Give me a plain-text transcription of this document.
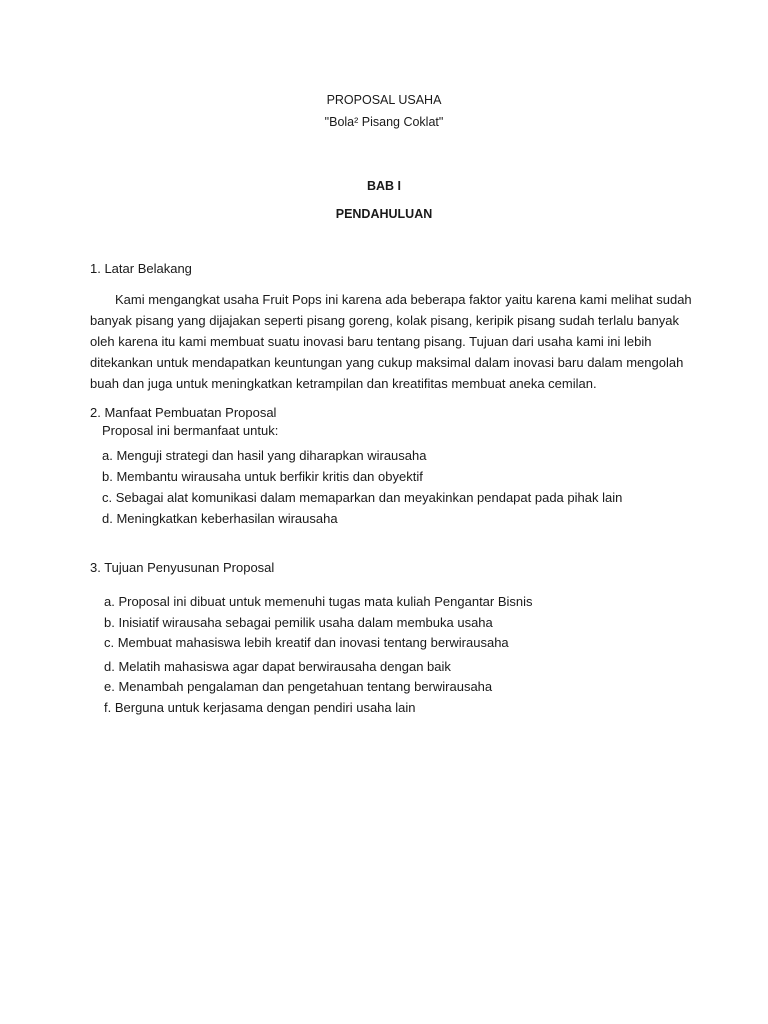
PROPOSAL USAHA
"Bola² Pisang Coklat"
BAB I
PENDAHULUAN
1. Latar Belakang
Kami mengangkat usaha Fruit Pops ini karena ada beberapa faktor yaitu karena kami melihat sudah
banyak pisang yang dijajakan seperti pisang goreng, kolak pisang, keripik pisang sudah terlalu banyak
oleh karena itu kami membuat suatu inovasi baru tentang pisang. Tujuan dari usaha kami ini lebih
ditekankan untuk mendapatkan keuntungan yang cukup maksimal dalam inovasi baru dalam mengolah
buah dan juga untuk meningkatkan ketrampilan dan kreatifitas membuat aneka cemilan.
2. Manfaat Pembuatan Proposal
Proposal ini bermanfaat untuk:
a. Menguji strategi dan hasil yang diharapkan wirausaha
b. Membantu wirausaha untuk berfikir kritis dan obyektif
c. Sebagai alat komunikasi dalam memaparkan dan meyakinkan pendapat pada pihak lain
d. Meningkatkan keberhasilan wirausaha
3. Tujuan Penyusunan Proposal
a. Proposal ini dibuat untuk memenuhi tugas mata kuliah Pengantar Bisnis
b. Inisiatif wirausaha sebagai pemilik usaha dalam membuka usaha
c. Membuat mahasiswa lebih kreatif dan inovasi tentang berwirausaha
d. Melatih mahasiswa agar dapat berwirausaha dengan baik
e. Menambah pengalaman dan pengetahuan tentang berwirausaha
f. Berguna untuk kerjasama dengan pendiri usaha lain
